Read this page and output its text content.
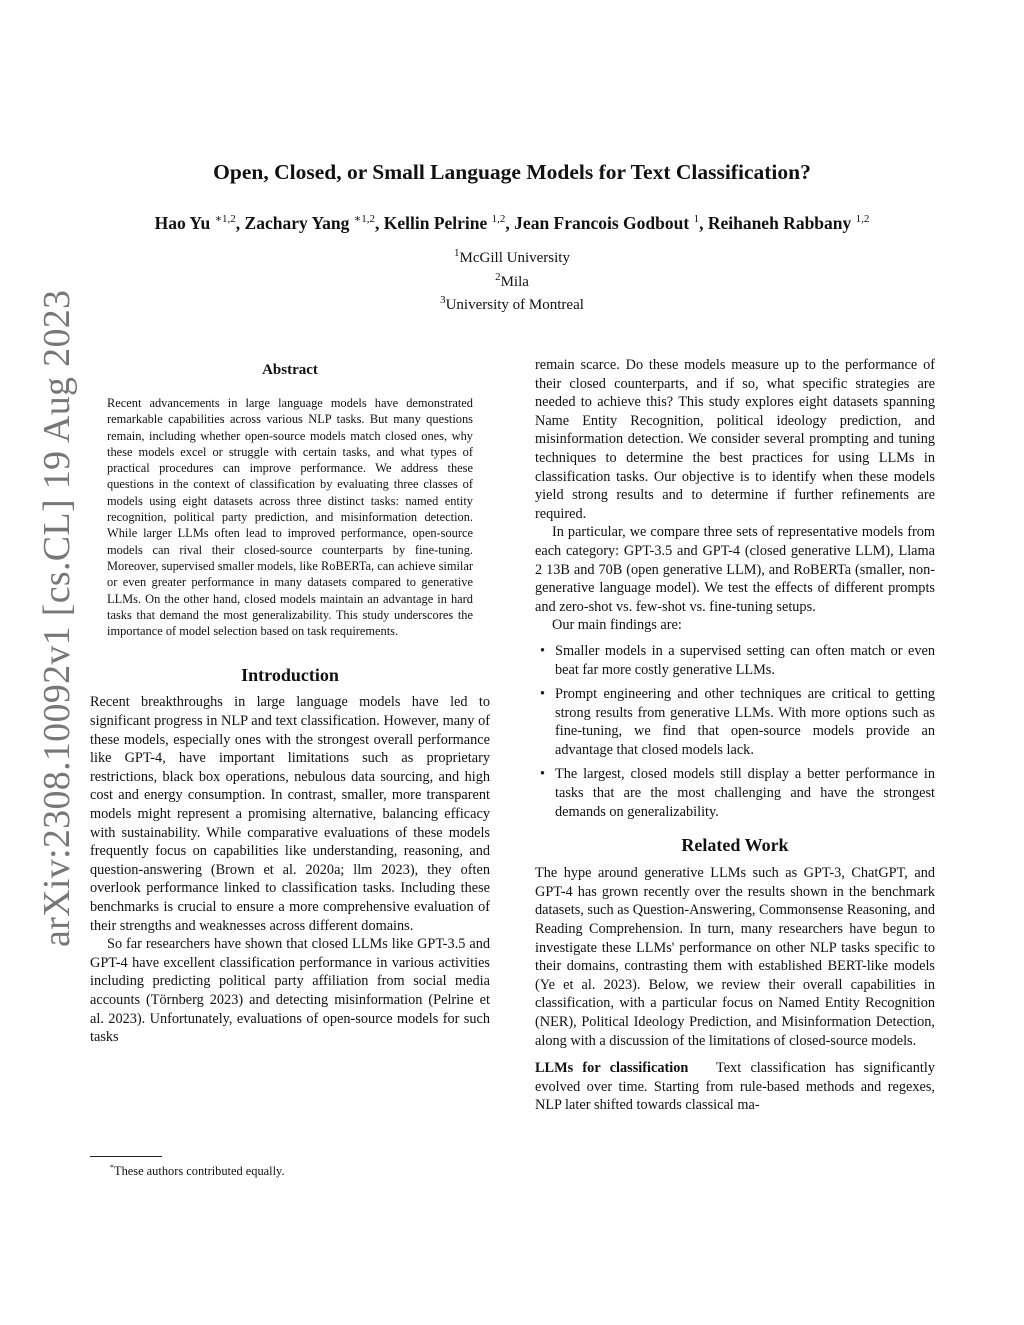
arXiv:2308.10092v1 [cs.CL] 19 Aug 2023
Open, Closed, or Small Language Models for Text Classification?
Hao Yu $^{∗1,2}$, Zachary Yang $^{∗1,2}$, Kellin Pelrine $^{1,2}$, Jean Francois Godbout $^1$, Reihaneh Rabbany $^{1,2}$
$^1$McGill University
$^2$Mila
$^3$University of Montreal
Abstract

Recent advancements in large language models have demonstrated remarkable capabilities across various NLP tasks. But many questions remain, including whether open-source models match closed ones, why these models excel or struggle with certain tasks, and what types of practical procedures can improve performance. We address these questions in the context of classification by evaluating three classes of models using eight datasets across three distinct tasks: named entity recognition, political party prediction, and misinformation detection. While larger LLMs often lead to improved performance, open-source models can rival their closed-source counterparts by fine-tuning. Moreover, supervised smaller models, like RoBERTa, can achieve similar or even greater performance in many datasets compared to generative LLMs. On the other hand, closed models maintain an advantage in hard tasks that demand the most generalizability. This study underscores the importance of model selection based on task requirements.

Introduction

Recent breakthroughs in large language models have led to significant progress in NLP and text classification. However, many of these models, especially ones with the strongest overall performance like GPT-4, have important limitations such as proprietary restrictions, black box operations, nebulous data sourcing, and high cost and energy consumption. In contrast, smaller, more transparent models might represent a promising alternative, balancing efficacy with sustainability. While comparative evaluations of these models frequently focus on capabilities like understanding, reasoning, and question-answering (Brown et al. 2020a; llm 2023), they often overlook performance linked to classification tasks. Including these benchmarks is crucial to ensure a more comprehensive evaluation of their strengths and weaknesses across different domains.

So far researchers have shown that closed LLMs like GPT-3.5 and GPT-4 have excellent classification performance in various activities including predicting political party affiliation from social media accounts (Törnberg 2023) and detecting misinformation (Pelrine et al. 2023). Unfortunately, evaluations of open-source models for such tasks

remain scarce. Do these models measure up to the performance of their closed counterparts, and if so, what specific strategies are needed to achieve this? This study explores eight datasets spanning Name Entity Recognition, political ideology prediction, and misinformation detection. We consider several prompting and tuning techniques to determine the best practices for using LLMs in classification tasks. Our objective is to identify when these models yield strong results and to determine if further refinements are required.

In particular, we compare three sets of representative models from each category: GPT-3.5 and GPT-4 (closed generative LLM), Llama 2 13B and 70B (open generative LLM), and RoBERTa (smaller, non-generative language model). We test the effects of different prompts and zero-shot vs. few-shot vs. fine-tuning setups.

Our main findings are:

• Smaller models in a supervised setting can often match or even beat far more costly generative LLMs.
• Prompt engineering and other techniques are critical to getting strong results from generative LLMs. With more options such as fine-tuning, we find that open-source models provide an advantage that closed models lack.
• The largest, closed models still display a better performance in tasks that are the most challenging and have the strongest demands on generalizability.
Related Work

The hype around generative LLMs such as GPT-3, ChatGPT, and GPT-4 has grown recently over the results shown in the benchmark datasets, such as Question-Answering, Commonsense Reasoning, and Reading Comprehension. In turn, many researchers have begun to investigate these LLMs' performance on other NLP tasks specific to their domains, contrasting them with established BERT-like models (Ye et al. 2023). Below, we review their overall capabilities in classification, with a particular focus on Named Entity Recognition (NER), Political Ideology Prediction, and Misinformation Detection, along with a discussion of the limitations of closed-source models.

LLMs for classification Text classification has significantly evolved over time. Starting from rule-based methods and regexes, NLP later shifted towards classical ma-

*These authors contributed equally.
